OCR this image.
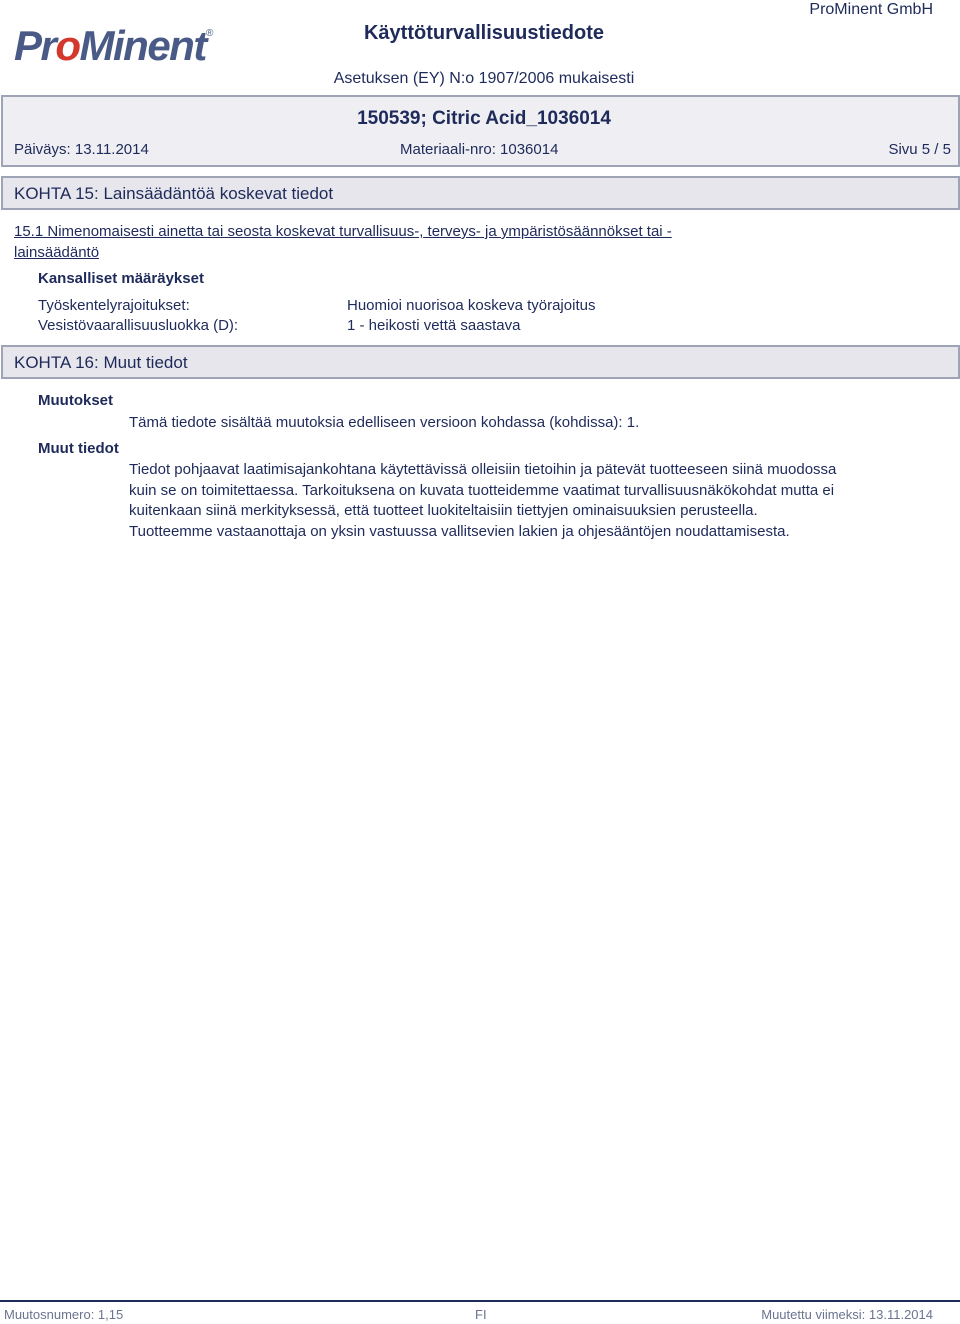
ProMinent ®
ProMinent GmbH
Käyttöturvallisuustiedote
Asetuksen (EY) N:o 1907/2006 mukaisesti
150539; Citric Acid_1036014
Päiväys: 13.11.2014	Materiaali-nro: 1036014	Sivu 5 / 5
KOHTA 15: Lainsäädäntöä koskevat tiedot
15.1 Nimenomaisesti ainetta tai seosta koskevat turvallisuus-, terveys- ja ympäristösäännökset tai -lainsäädäntö
Kansalliset määräykset
Työskentelyrajoitukset:	Huomioi nuorisoa koskeva työrajoitus
Vesistövaarallisuusluokka (D):	1 - heikosti vettä saastava
KOHTA 16: Muut tiedot
Muutokset
Tämä tiedote sisältää muutoksia edelliseen versioon kohdassa (kohdissa): 1.
Muut tiedot
Tiedot pohjaavat laatimisajankohtana käytettävissä olleisiin tietoihin ja pätevät tuotteeseen siinä muodossa kuin se on toimitettaessa. Tarkoituksena on kuvata tuotteidemme vaatimat turvallisuusnäkökohdat mutta ei kuitenkaan siinä merkityksessä, että tuotteet luokiteltaisiin tiettyjen ominaisuuksien perusteella. Tuotteemme vastaanottaja on yksin vastuussa vallitsevien lakien ja ohjesääntöjen noudattamisesta.
Muutosnumero: 1,15	FI	Muutettu viimeksi: 13.11.2014
